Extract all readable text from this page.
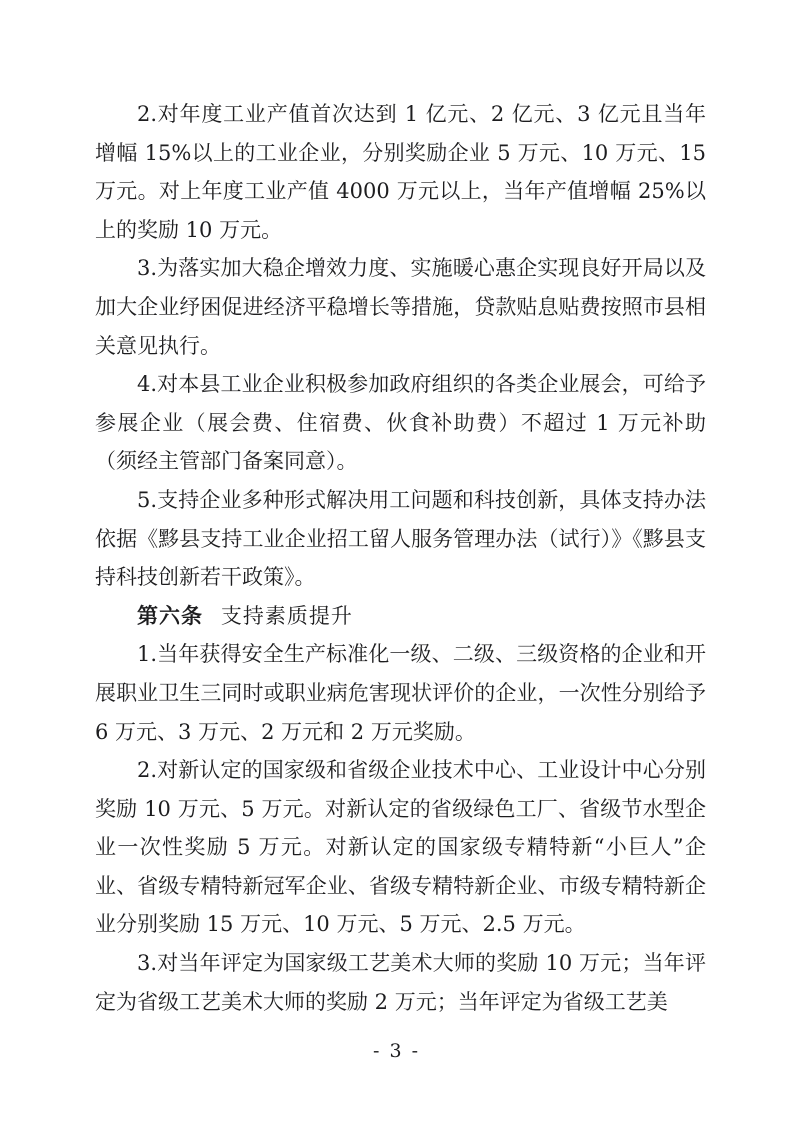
2.对年度工业产值首次达到 1 亿元、2 亿元、3 亿元且当年增幅 15%以上的工业企业，分别奖励企业 5 万元、10 万元、15 万元。对上年度工业产值 4000 万元以上，当年产值增幅 25%以上的奖励 10 万元。

3.为落实加大稳企增效力度、实施暖心惠企实现良好开局以及加大企业纾困促进经济平稳增长等措施，贷款贴息贴费按照市县相关意见执行。

4.对本县工业企业积极参加政府组织的各类企业展会，可给予参展企业（展会费、住宿费、伙食补助费）不超过 1 万元补助（须经主管部门备案同意）。

5.支持企业多种形式解决用工问题和科技创新，具体支持办法依据《黟县支持工业企业招工留人服务管理办法（试行）》《黟县支持科技创新若干政策》。

第六条 支持素质提升

1.当年获得安全生产标准化一级、二级、三级资格的企业和开展职业卫生三同时或职业病危害现状评价的企业，一次性分别给予 6 万元、3 万元、2 万元和 2 万元奖励。

2.对新认定的国家级和省级企业技术中心、工业设计中心分别奖励 10 万元、5 万元。对新认定的省级绿色工厂、省级节水型企业一次性奖励 5 万元。对新认定的国家级专精特新“小巨人”企业、省级专精特新冠军企业、省级专精特新企业、市级专精特新企业分别奖励 15 万元、10 万元、5 万元、2.5 万元。

3.对当年评定为国家级工艺美术大师的奖励 10 万元；当年评定为省级工艺美术大师的奖励 2 万元；当年评定为省级工艺美

- 3 -
